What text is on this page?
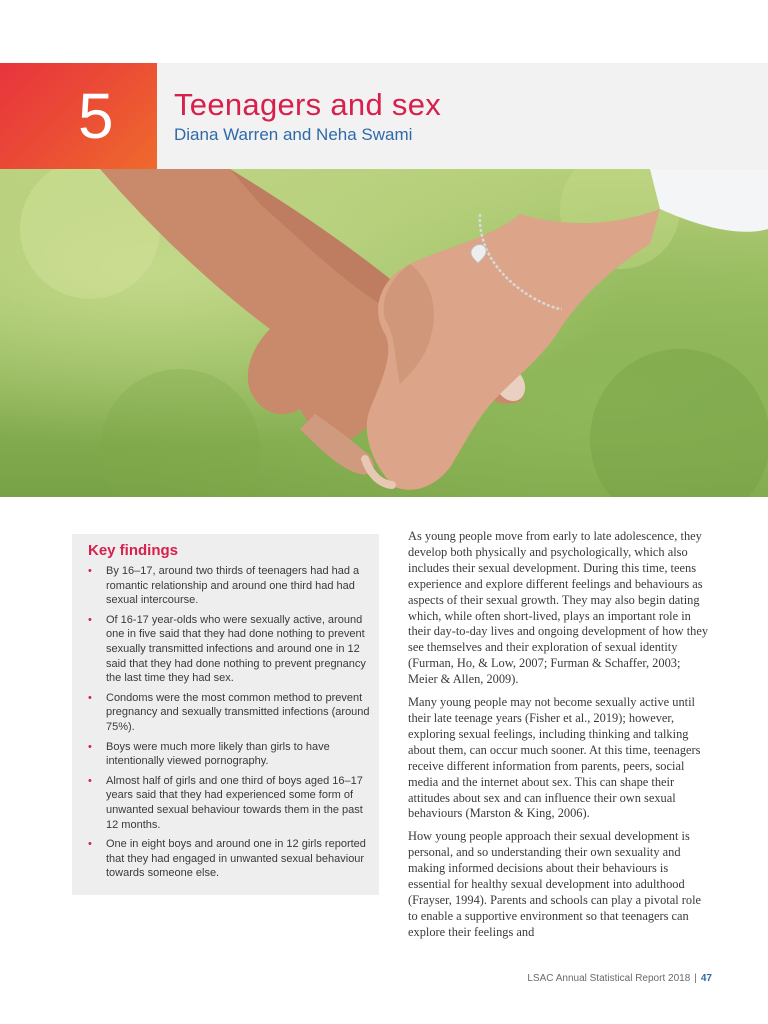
5 Teenagers and sex
Diana Warren and Neha Swami
Key findings
• By 16–17, around two thirds of teenagers had had a romantic relationship and around one third had had sexual intercourse.
• Of 16-17 year-olds who were sexually active, around one in five said that they had done nothing to prevent sexually transmitted infections and around one in 12 said that they had done nothing to prevent pregnancy the last time they had sex.
• Condoms were the most common method to prevent pregnancy and sexually transmitted infections (around 75%).
• Boys were much more likely than girls to have intentionally viewed pornography.
• Almost half of girls and one third of boys aged 16–17 years said that they had experienced some form of unwanted sexual behaviour towards them in the past 12 months.
• One in eight boys and around one in 12 girls reported that they had engaged in unwanted sexual behaviour towards someone else.

As young people move from early to late adolescence, they develop both physically and psychologically, which also includes their sexual development. During this time, teens experience and explore different feelings and behaviours as aspects of their sexual growth. They may also begin dating which, while often short-lived, plays an important role in their day-to-day lives and ongoing development of how they see themselves and their exploration of sexual identity (Furman, Ho, & Low, 2007; Furman & Schaffer, 2003; Meier & Allen, 2009).

Many young people may not become sexually active until their late teenage years (Fisher et al., 2019); however, exploring sexual feelings, including thinking and talking about them, can occur much sooner. At this time, teenagers receive different information from parents, peers, social media and the internet about sex. This can shape their attitudes about sex and can influence their own sexual behaviours (Marston & King, 2006).

How young people approach their sexual development is personal, and so understanding their own sexuality and making informed decisions about their behaviours is essential for healthy sexual development into adulthood (Frayser, 1994). Parents and schools can play a pivotal role to enable a supportive environment so that teenagers can explore their feelings and

LSAC Annual Statistical Report 2018 | 47
